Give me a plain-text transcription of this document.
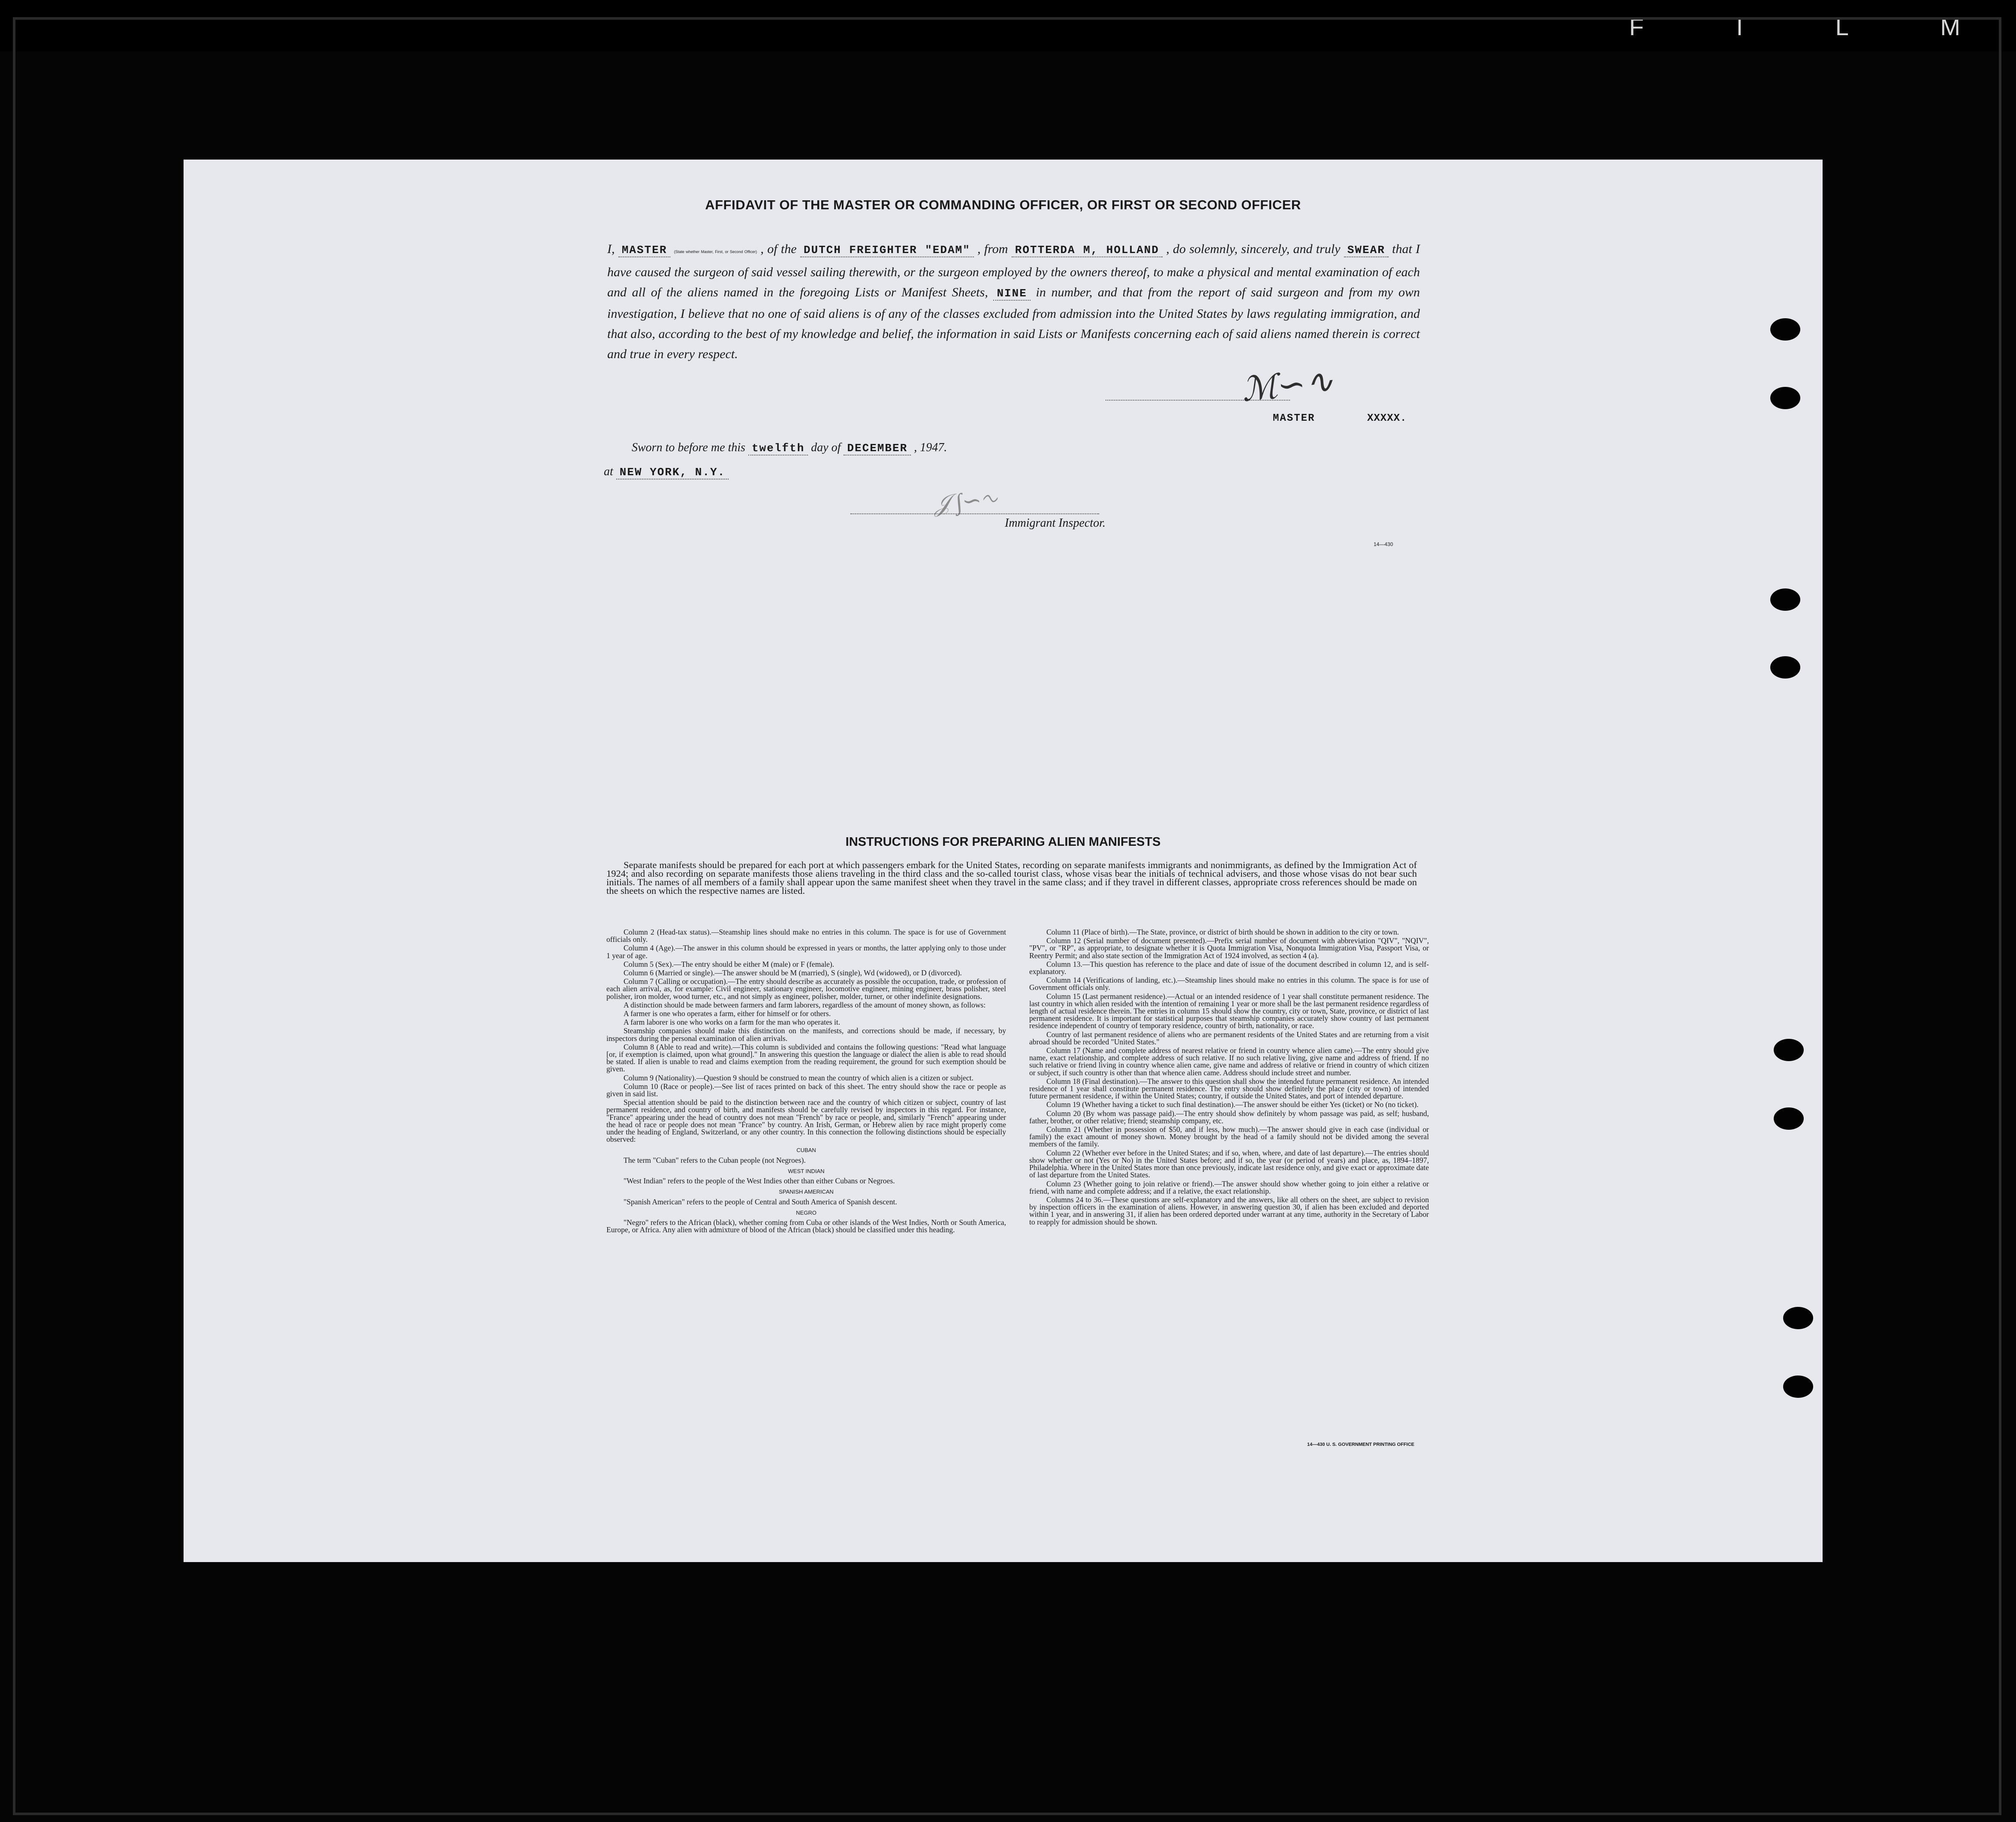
F I L M
AFFIDAVIT OF THE MASTER OR COMMANDING OFFICER, OR FIRST OR SECOND OFFICER
I, MASTER (State whether Master, First, or Second Officer) , of the DUTCH FREIGHTER "EDAM" , from ROTTERDA M, HOLLAND , do solemnly, sincerely, and truly SWEAR that I have caused the surgeon of said vessel sailing therewith, or the surgeon employed by the owners thereof, to make a physical and mental examination of each and all of the aliens named in the foregoing Lists or Manifest Sheets, NINE in number, and that from the report of said surgeon and from my own investigation, I believe that no one of said aliens is of any of the classes excluded from admission into the United States by laws regulating immigration, and that also, according to the best of my knowledge and belief, the information in said Lists or Manifests concerning each of said aliens named therein is correct and true in every respect.
ℳ∽∿
MASTER	XXXXX.
Sworn to before me this twelfth day of DECEMBER , 1947.
at NEW YORK, N.Y.
𝒥 ∫∽∿
Immigrant Inspector.
14—430
INSTRUCTIONS FOR PREPARING ALIEN MANIFESTS
Separate manifests should be prepared for each port at which passengers embark for the United States, recording on separate manifests immigrants and nonimmigrants, as defined by the Immigration Act of 1924; and also recording on separate manifests those aliens traveling in the third class and the so-called tourist class, whose visas bear the initials of technical advisers, and those whose visas do not bear such initials. The names of all members of a family shall appear upon the same manifest sheet when they travel in the same class; and if they travel in different classes, appropriate cross references should be made on the sheets on which the respective names are listed.

Column 2 (Head-tax status).—Steamship lines should make no entries in this column. The space is for use of Government officials only.

Column 4 (Age).—The answer in this column should be expressed in years or months, the latter applying only to those under 1 year of age.

Column 5 (Sex).—The entry should be either M (male) or F (female).

Column 6 (Married or single).—The answer should be M (married), S (single), Wd (widowed), or D (divorced).

Column 7 (Calling or occupation).—The entry should describe as accurately as possible the occupation, trade, or profession of each alien arrival, as, for example: Civil engineer, stationary engineer, locomotive engineer, mining engineer, brass polisher, steel polisher, iron molder, wood turner, etc., and not simply as engineer, polisher, molder, turner, or other indefinite designations.

A distinction should be made between farmers and farm laborers, regardless of the amount of money shown, as follows:

A farmer is one who operates a farm, either for himself or for others.

A farm laborer is one who works on a farm for the man who operates it.

Steamship companies should make this distinction on the manifests, and corrections should be made, if necessary, by inspectors during the personal examination of alien arrivals.

Column 8 (Able to read and write).—This column is subdivided and contains the following questions: "Read what language [or, if exemption is claimed, upon what ground]." In answering this question the language or dialect the alien is able to read should be stated. If alien is unable to read and claims exemption from the reading requirement, the ground for such exemption should be given.

Column 9 (Nationality).—Question 9 should be construed to mean the country of which alien is a citizen or subject.

Column 10 (Race or people).—See list of races printed on back of this sheet. The entry should show the race or people as given in said list.

Special attention should be paid to the distinction between race and the country of which citizen or subject, country of last permanent residence, and country of birth, and manifests should be carefully revised by inspectors in this regard. For instance, "France" appearing under the head of country does not mean "French" by race or people, and, similarly "French" appearing under the head of race or people does not mean "France" by country. An Irish, German, or Hebrew alien by race might properly come under the heading of England, Switzerland, or any other country. In this connection the following distinctions should be especially observed:

CUBAN

The term "Cuban" refers to the Cuban people (not Negroes).

WEST INDIAN

"West Indian" refers to the people of the West Indies other than either Cubans or Negroes.

SPANISH AMERICAN

"Spanish American" refers to the people of Central and South America of Spanish descent.

NEGRO

"Negro" refers to the African (black), whether coming from Cuba or other islands of the West Indies, North or South America, Europe, or Africa. Any alien with admixture of blood of the African (black) should be classified under this heading.

Column 11 (Place of birth).—The State, province, or district of birth should be shown in addition to the city or town.

Column 12 (Serial number of document presented).—Prefix serial number of document with abbreviation "QIV", "NQIV", "PV", or "RP", as appropriate, to designate whether it is Quota Immigration Visa, Nonquota Immigration Visa, Passport Visa, or Reentry Permit; and also state section of the Immigration Act of 1924 involved, as section 4 (a).

Column 13.—This question has reference to the place and date of issue of the document described in column 12, and is self-explanatory.

Column 14 (Verifications of landing, etc.).—Steamship lines should make no entries in this column. The space is for use of Government officials only.

Column 15 (Last permanent residence).—Actual or an intended residence of 1 year shall constitute permanent residence. The last country in which alien resided with the intention of remaining 1 year or more shall be the last permanent residence regardless of length of actual residence therein. The entries in column 15 should show the country, city or town, State, province, or district of last permanent residence. It is important for statistical purposes that steamship companies accurately show country of last permanent residence independent of country of temporary residence, country of birth, nationality, or race.

Country of last permanent residence of aliens who are permanent residents of the United States and are returning from a visit abroad should be recorded "United States."

Column 17 (Name and complete address of nearest relative or friend in country whence alien came).—The entry should give name, exact relationship, and complete address of such relative. If no such relative living, give name and address of friend. If no such relative or friend living in country whence alien came, give name and address of relative or friend in country of which citizen or subject, if such country is other than that whence alien came. Address should include street and number.

Column 18 (Final destination).—The answer to this question shall show the intended future permanent residence. An intended residence of 1 year shall constitute permanent residence. The entry should show definitely the place (city or town) of intended future permanent residence, if within the United States; country, if outside the United States, and port of intended departure.

Column 19 (Whether having a ticket to such final destination).—The answer should be either Yes (ticket) or No (no ticket).

Column 20 (By whom was passage paid).—The entry should show definitely by whom passage was paid, as self; husband, father, brother, or other relative; friend; steamship company, etc.

Column 21 (Whether in possession of $50, and if less, how much).—The answer should give in each case (individual or family) the exact amount of money shown. Money brought by the head of a family should not be divided among the several members of the family.

Column 22 (Whether ever before in the United States; and if so, when, where, and date of last departure).—The entries should show whether or not (Yes or No) in the United States before; and if so, the year (or period of years) and place, as, 1894–1897, Philadelphia. Where in the United States more than once previously, indicate last residence only, and give exact or approximate date of last departure from the United States.

Column 23 (Whether going to join relative or friend).—The answer should show whether going to join either a relative or friend, with name and complete address; and if a relative, the exact relationship.

Columns 24 to 36.—These questions are self-explanatory and the answers, like all others on the sheet, are subject to revision by inspection officers in the examination of aliens. However, in answering question 30, if alien has been excluded and deported within 1 year, and in answering 31, if alien has been ordered deported under warrant at any time, authority in the Secretary of Labor to reapply for admission should be shown.

14—430 U. S. GOVERNMENT PRINTING OFFICE
